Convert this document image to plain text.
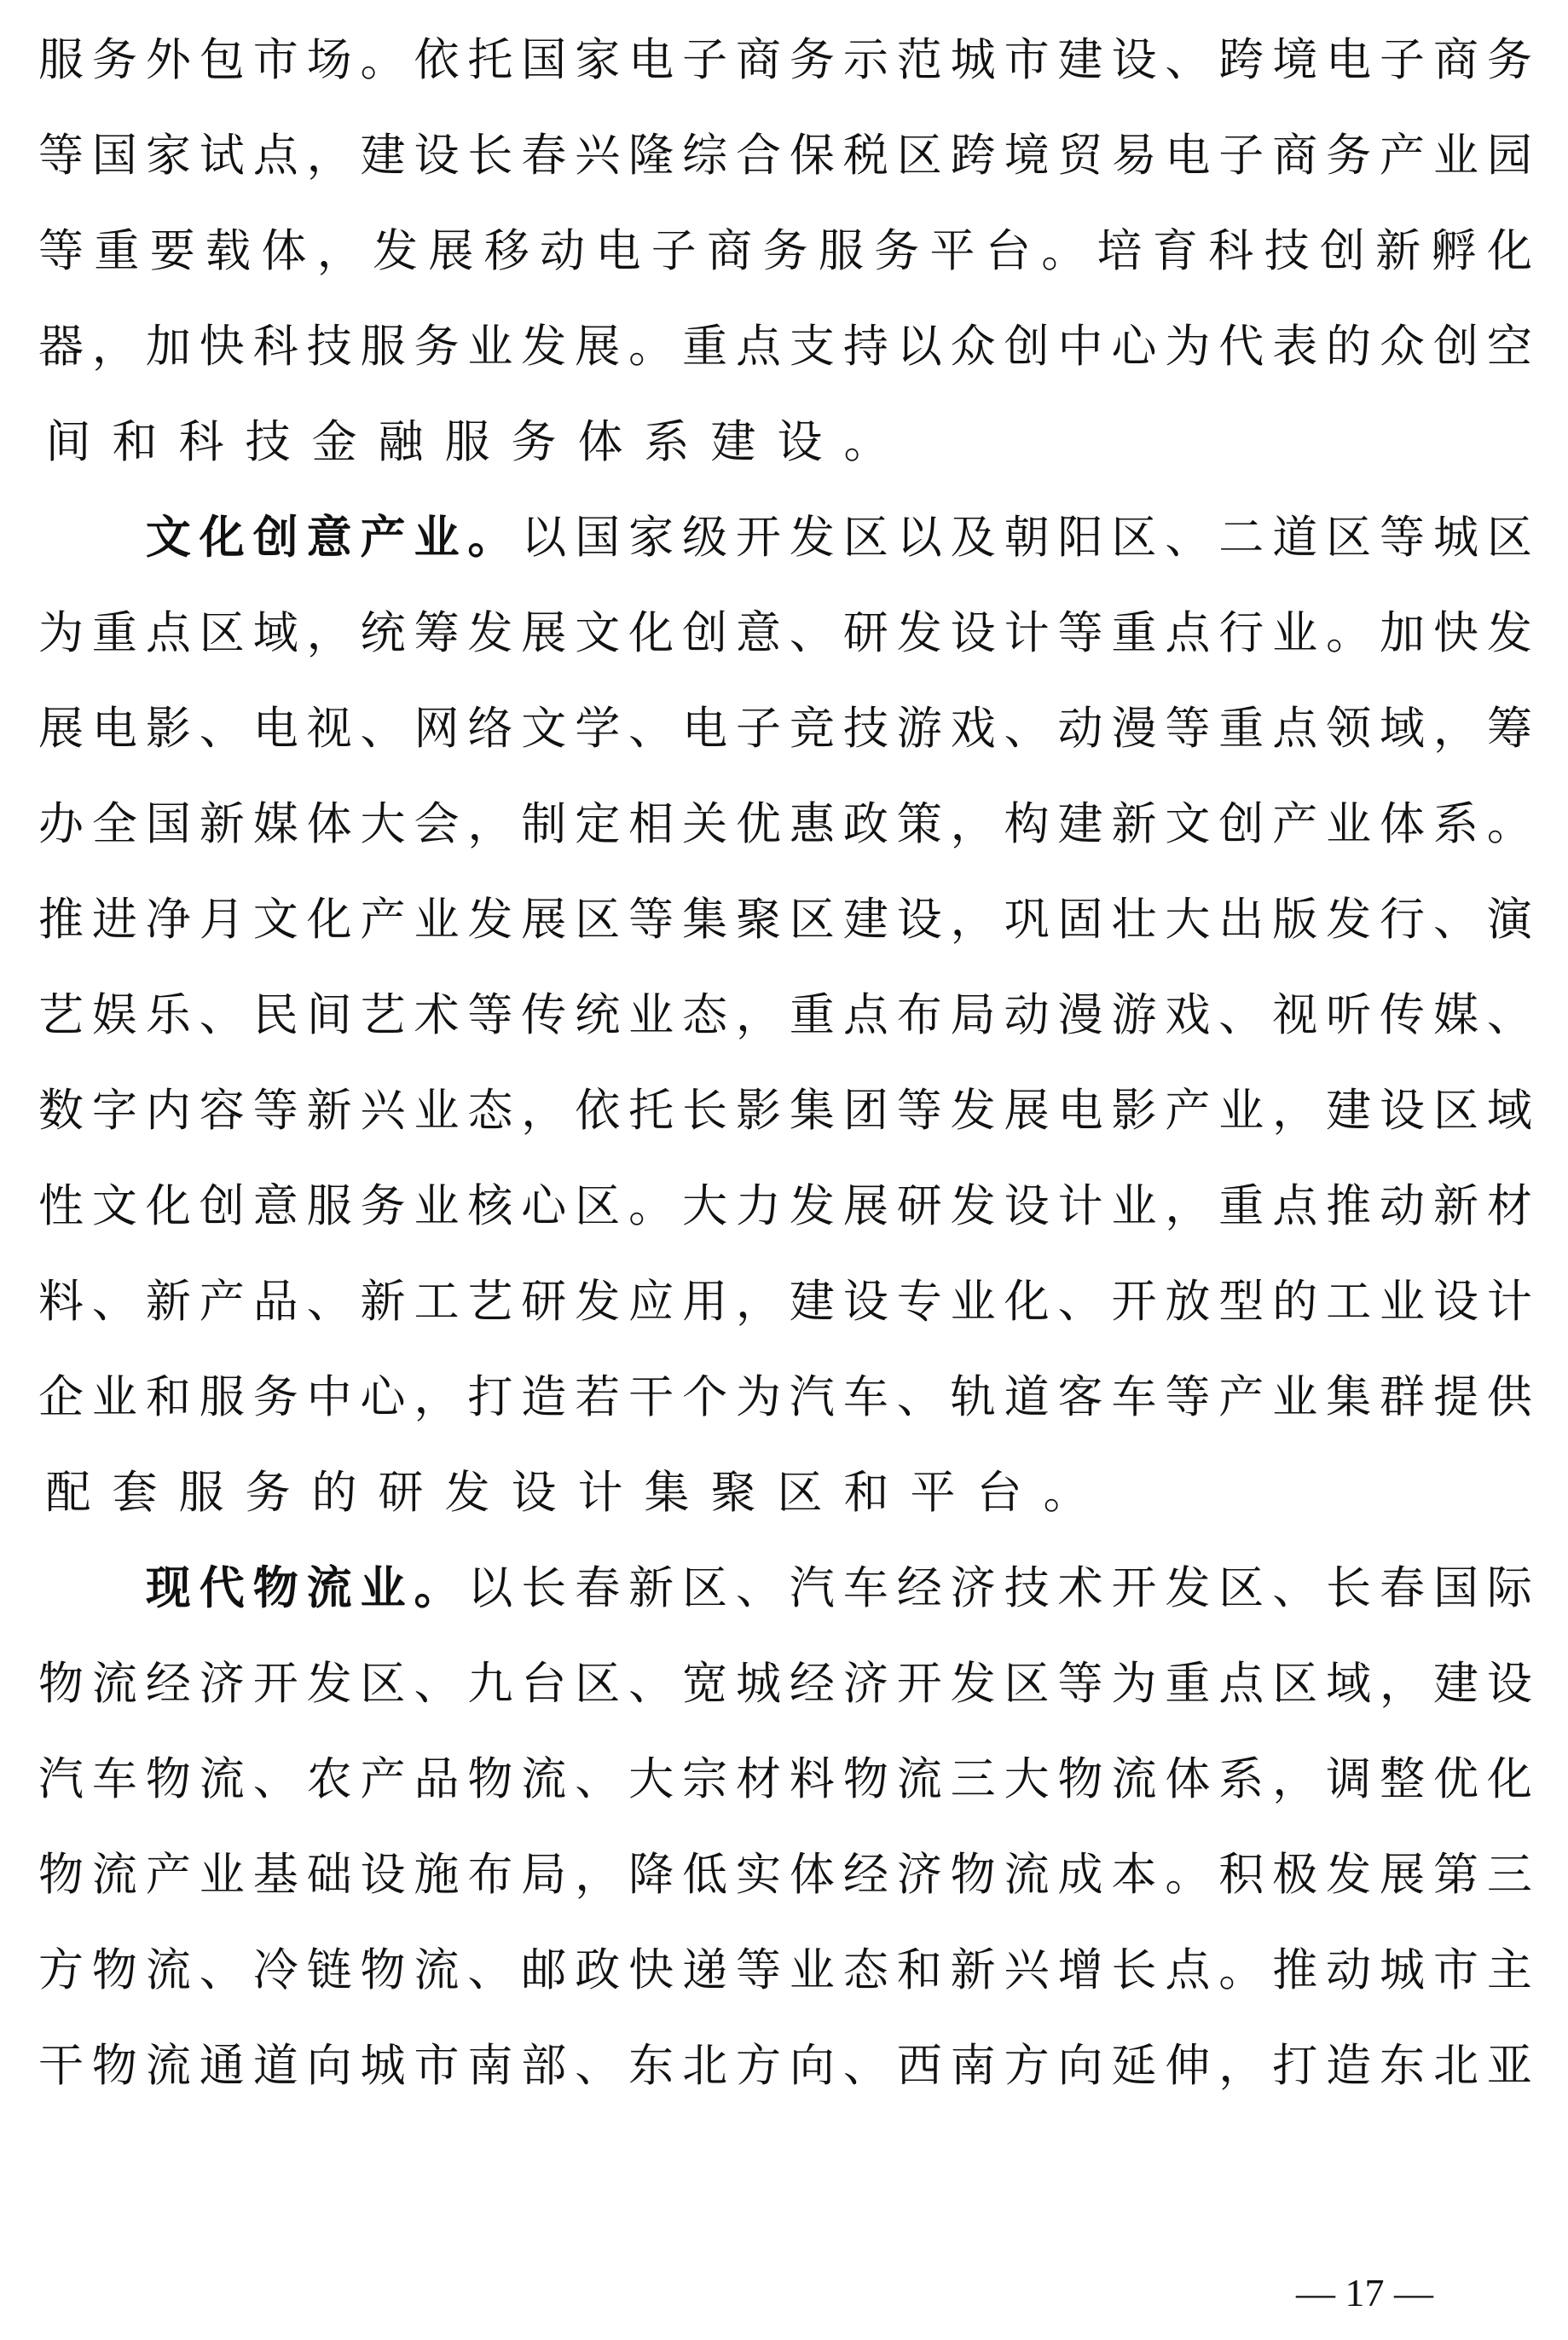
服 务 外 包 市 场 。 依 托 国 家 电 子 商 务 示 范 城 市 建 设 、 跨 境 电 子 商 务
等 国 家 试 点 ， 建 设 长 春 兴 隆 综 合 保 税 区 跨 境 贸 易 电 子 商 务 产 业 园
等 重 要 载 体 ， 发 展 移 动 电 子 商 务 服 务 平 台 。 培 育 科 技 创 新 孵 化
器 ， 加 快 科 技 服 务 业 发 展 。 重 点 支 持 以 众 创 中 心 为 代 表 的 众 创 空
间 和 科 技 金 融 服 务 体 系 建 设 。

文 化 创 意 产 业 。 以 国 家 级 开 发 区 以 及 朝 阳 区 、 二 道 区 等 城 区
为 重 点 区 域 ， 统 筹 发 展 文 化 创 意 、 研 发 设 计 等 重 点 行 业 。 加 快 发
展 电 影 、 电 视 、 网 络 文 学 、 电 子 竞 技 游 戏 、 动 漫 等 重 点 领 域 ， 筹
办 全 国 新 媒 体 大 会 ， 制 定 相 关 优 惠 政 策 ， 构 建 新 文 创 产 业 体 系 。
推 进 净 月 文 化 产 业 发 展 区 等 集 聚 区 建 设 ， 巩 固 壮 大 出 版 发 行 、 演
艺 娱 乐 、 民 间 艺 术 等 传 统 业 态 ， 重 点 布 局 动 漫 游 戏 、 视 听 传 媒 、
数 字 内 容 等 新 兴 业 态 ， 依 托 长 影 集 团 等 发 展 电 影 产 业 ， 建 设 区 域
性 文 化 创 意 服 务 业 核 心 区 。 大 力 发 展 研 发 设 计 业 ， 重 点 推 动 新 材
料 、 新 产 品 、 新 工 艺 研 发 应 用 ， 建 设 专 业 化 、 开 放 型 的 工 业 设 计
企 业 和 服 务 中 心 ， 打 造 若 干 个 为 汽 车 、 轨 道 客 车 等 产 业 集 群 提 供
配 套 服 务 的 研 发 设 计 集 聚 区 和 平 台 。

现 代 物 流 业 。 以 长 春 新 区 、 汽 车 经 济 技 术 开 发 区 、 长 春 国 际
物 流 经 济 开 发 区 、 九 台 区 、 宽 城 经 济 开 发 区 等 为 重 点 区 域 ， 建 设
汽 车 物 流 、 农 产 品 物 流 、 大 宗 材 料 物 流 三 大 物 流 体 系 ， 调 整 优 化
物 流 产 业 基 础 设 施 布 局 ， 降 低 实 体 经 济 物 流 成 本 。 积 极 发 展 第 三
方 物 流 、 冷 链 物 流 、 邮 政 快 递 等 业 态 和 新 兴 增 长 点 。 推 动 城 市 主
干 物 流 通 道 向 城 市 南 部 、 东 北 方 向 、 西 南 方 向 延 伸 ， 打 造 东 北 亚
— 17 —
